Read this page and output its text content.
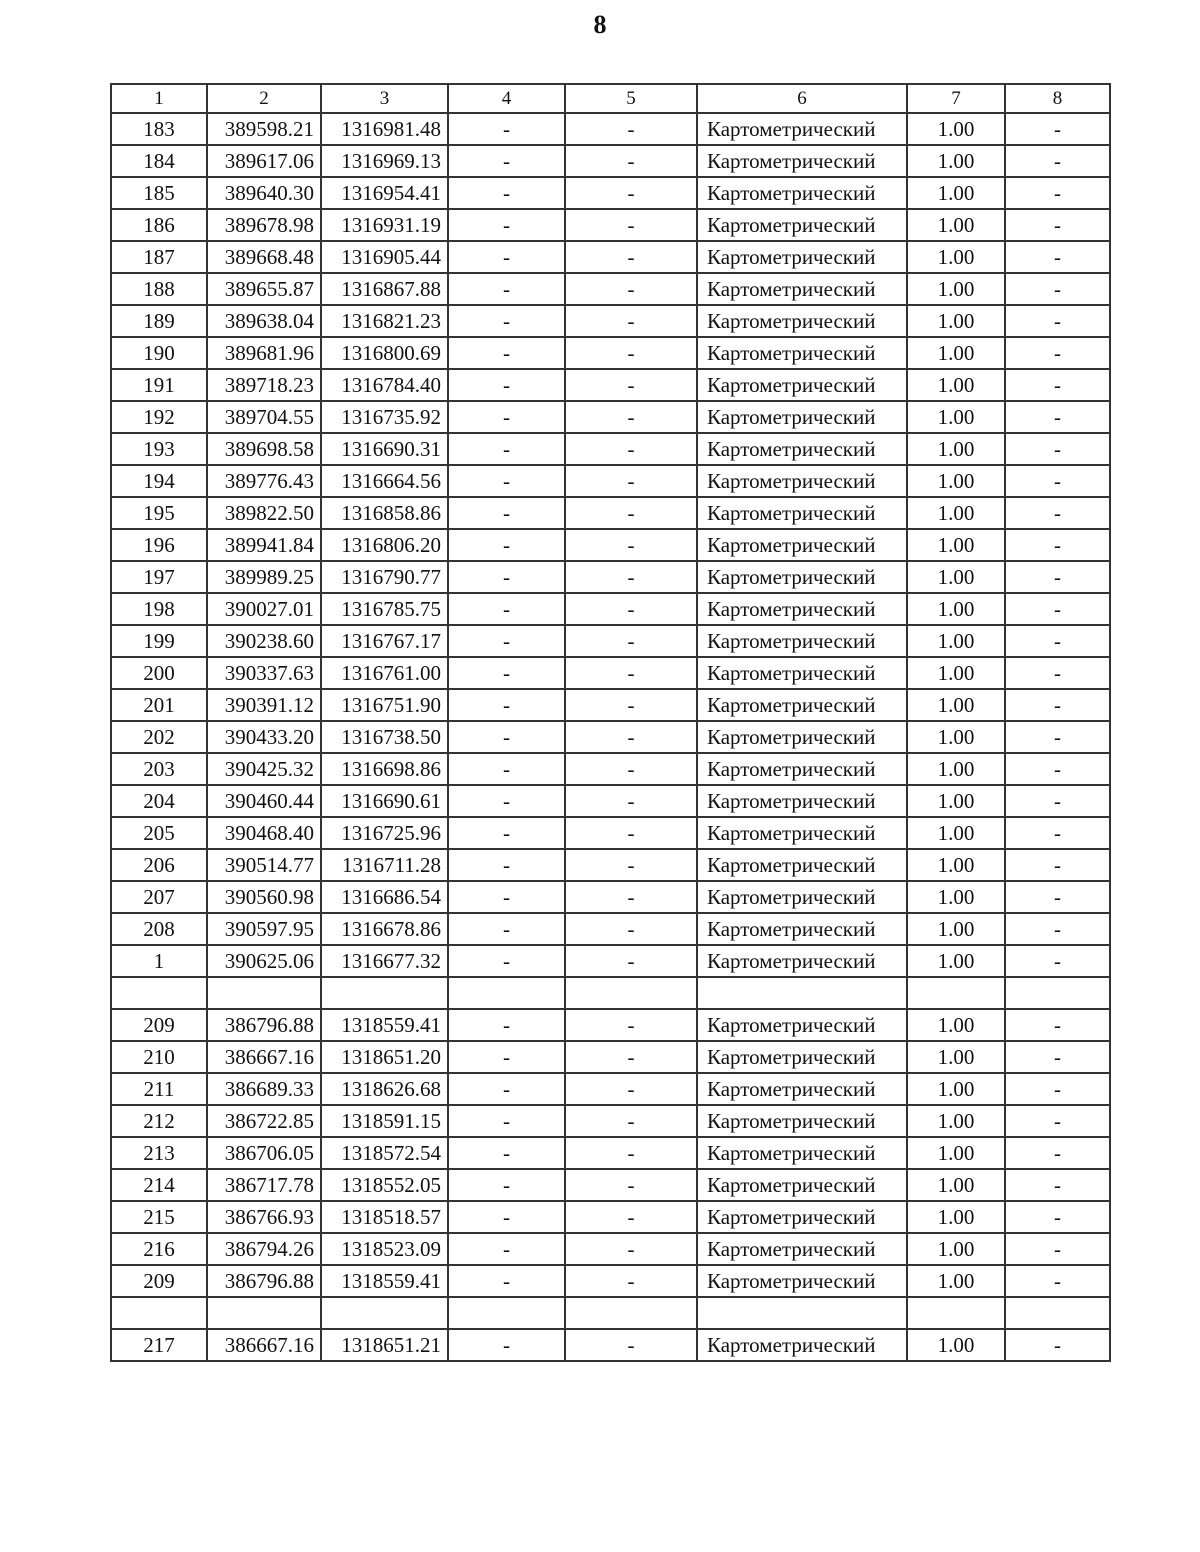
8
1	2	3	4	5	6	7	8
183	389598.21	1316981.48	-	-	Картометрический	1.00	-
184	389617.06	1316969.13	-	-	Картометрический	1.00	-
185	389640.30	1316954.41	-	-	Картометрический	1.00	-
186	389678.98	1316931.19	-	-	Картометрический	1.00	-
187	389668.48	1316905.44	-	-	Картометрический	1.00	-
188	389655.87	1316867.88	-	-	Картометрический	1.00	-
189	389638.04	1316821.23	-	-	Картометрический	1.00	-
190	389681.96	1316800.69	-	-	Картометрический	1.00	-
191	389718.23	1316784.40	-	-	Картометрический	1.00	-
192	389704.55	1316735.92	-	-	Картометрический	1.00	-
193	389698.58	1316690.31	-	-	Картометрический	1.00	-
194	389776.43	1316664.56	-	-	Картометрический	1.00	-
195	389822.50	1316858.86	-	-	Картометрический	1.00	-
196	389941.84	1316806.20	-	-	Картометрический	1.00	-
197	389989.25	1316790.77	-	-	Картометрический	1.00	-
198	390027.01	1316785.75	-	-	Картометрический	1.00	-
199	390238.60	1316767.17	-	-	Картометрический	1.00	-
200	390337.63	1316761.00	-	-	Картометрический	1.00	-
201	390391.12	1316751.90	-	-	Картометрический	1.00	-
202	390433.20	1316738.50	-	-	Картометрический	1.00	-
203	390425.32	1316698.86	-	-	Картометрический	1.00	-
204	390460.44	1316690.61	-	-	Картометрический	1.00	-
205	390468.40	1316725.96	-	-	Картометрический	1.00	-
206	390514.77	1316711.28	-	-	Картометрический	1.00	-
207	390560.98	1316686.54	-	-	Картометрический	1.00	-
208	390597.95	1316678.86	-	-	Картометрический	1.00	-
1	390625.06	1316677.32	-	-	Картометрический	1.00	-

209	386796.88	1318559.41	-	-	Картометрический	1.00	-
210	386667.16	1318651.20	-	-	Картометрический	1.00	-
211	386689.33	1318626.68	-	-	Картометрический	1.00	-
212	386722.85	1318591.15	-	-	Картометрический	1.00	-
213	386706.05	1318572.54	-	-	Картометрический	1.00	-
214	386717.78	1318552.05	-	-	Картометрический	1.00	-
215	386766.93	1318518.57	-	-	Картометрический	1.00	-
216	386794.26	1318523.09	-	-	Картометрический	1.00	-
209	386796.88	1318559.41	-	-	Картометрический	1.00	-

217	386667.16	1318651.21	-	-	Картометрический	1.00	-
